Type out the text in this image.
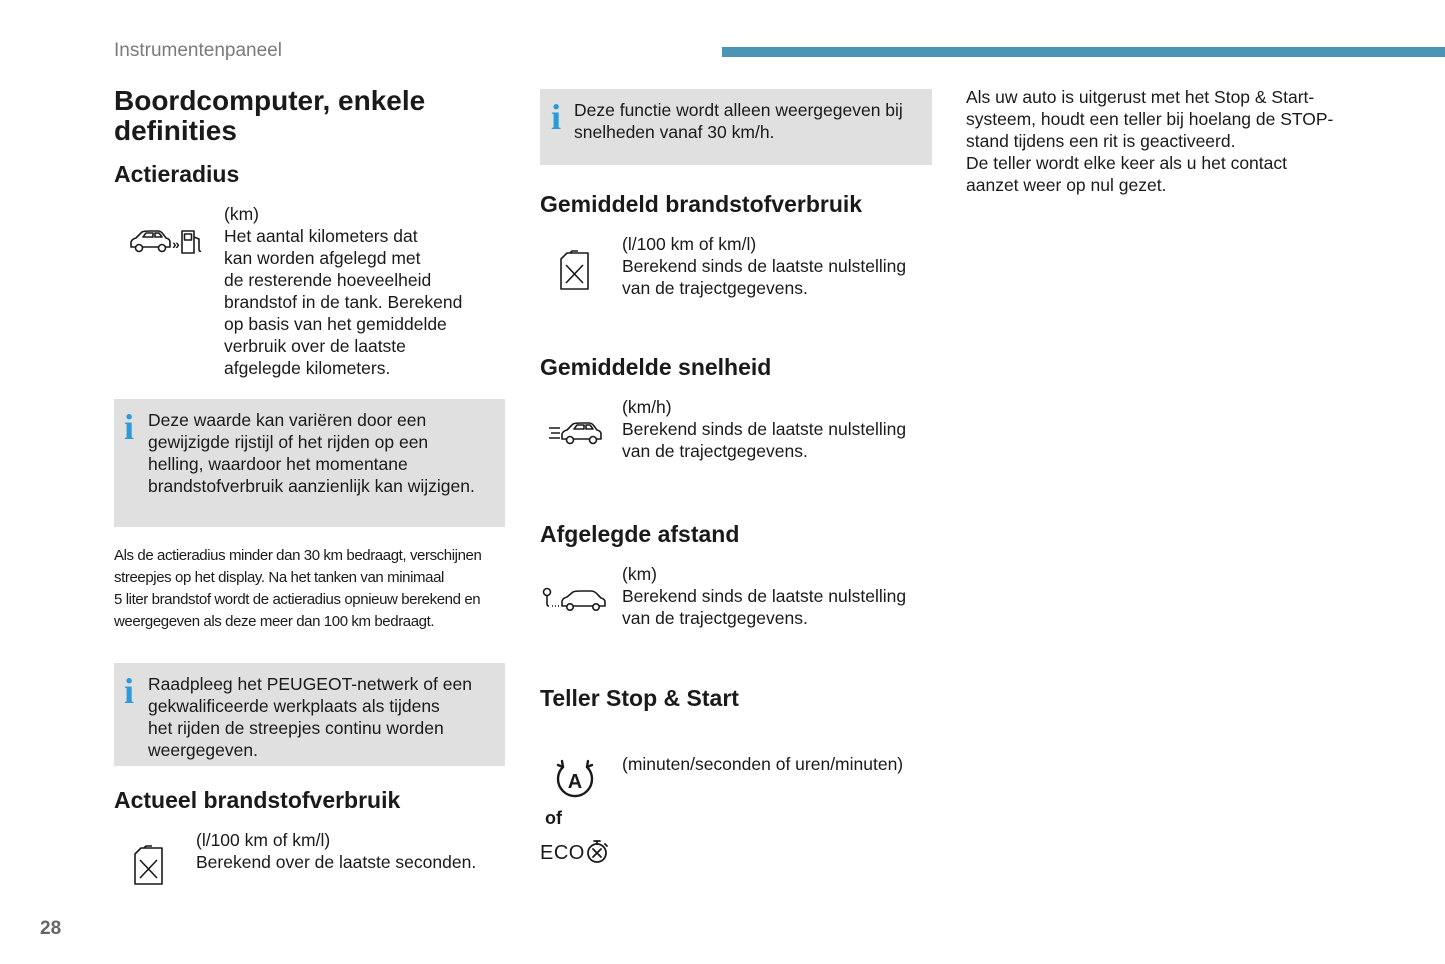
Instrumentenpaneel
Boordcomputer, enkele
definities
Actieradius
»
(km)
Het aantal kilometers dat
kan worden afgelegd met
de resterende hoeveelheid
brandstof in de tank. Berekend
op basis van het gemiddelde
verbruik over de laatste
afgelegde kilometers.
i Deze waarde kan variëren door een
gewijzigde rijstijl of het rijden op een
helling, waardoor het momentane
brandstofverbruik aanzienlijk kan wijzigen.
Als de actieradius minder dan 30 km bedraagt, verschijnen
streepjes op het display. Na het tanken van minimaal
5 liter brandstof wordt de actieradius opnieuw berekend en
weergegeven als deze meer dan 100 km bedraagt.
i Raadpleeg het PEUGEOT-netwerk of een
gekwalificeerde werkplaats als tijdens
het rijden de streepjes continu worden
weergegeven.
Actueel brandstofverbruik
(l/100 km of km/l)
Berekend over de laatste seconden.
i Deze functie wordt alleen weergegeven bij
snelheden vanaf 30 km/h.
Gemiddeld brandstofverbruik
(l/100 km of km/l)
Berekend sinds de laatste nulstelling
van de trajectgegevens.
Gemiddelde snelheid
(km/h)
Berekend sinds de laatste nulstelling
van de trajectgegevens.
Afgelegde afstand
(km)
Berekend sinds de laatste nulstelling
van de trajectgegevens.
Teller Stop & Start
A
of
ECO
(minuten/seconden of uren/minuten)
Als uw auto is uitgerust met het Stop & Start-
systeem, houdt een teller bij hoelang de STOP-
stand tijdens een rit is geactiveerd.
De teller wordt elke keer als u het contact
aanzet weer op nul gezet.
28
